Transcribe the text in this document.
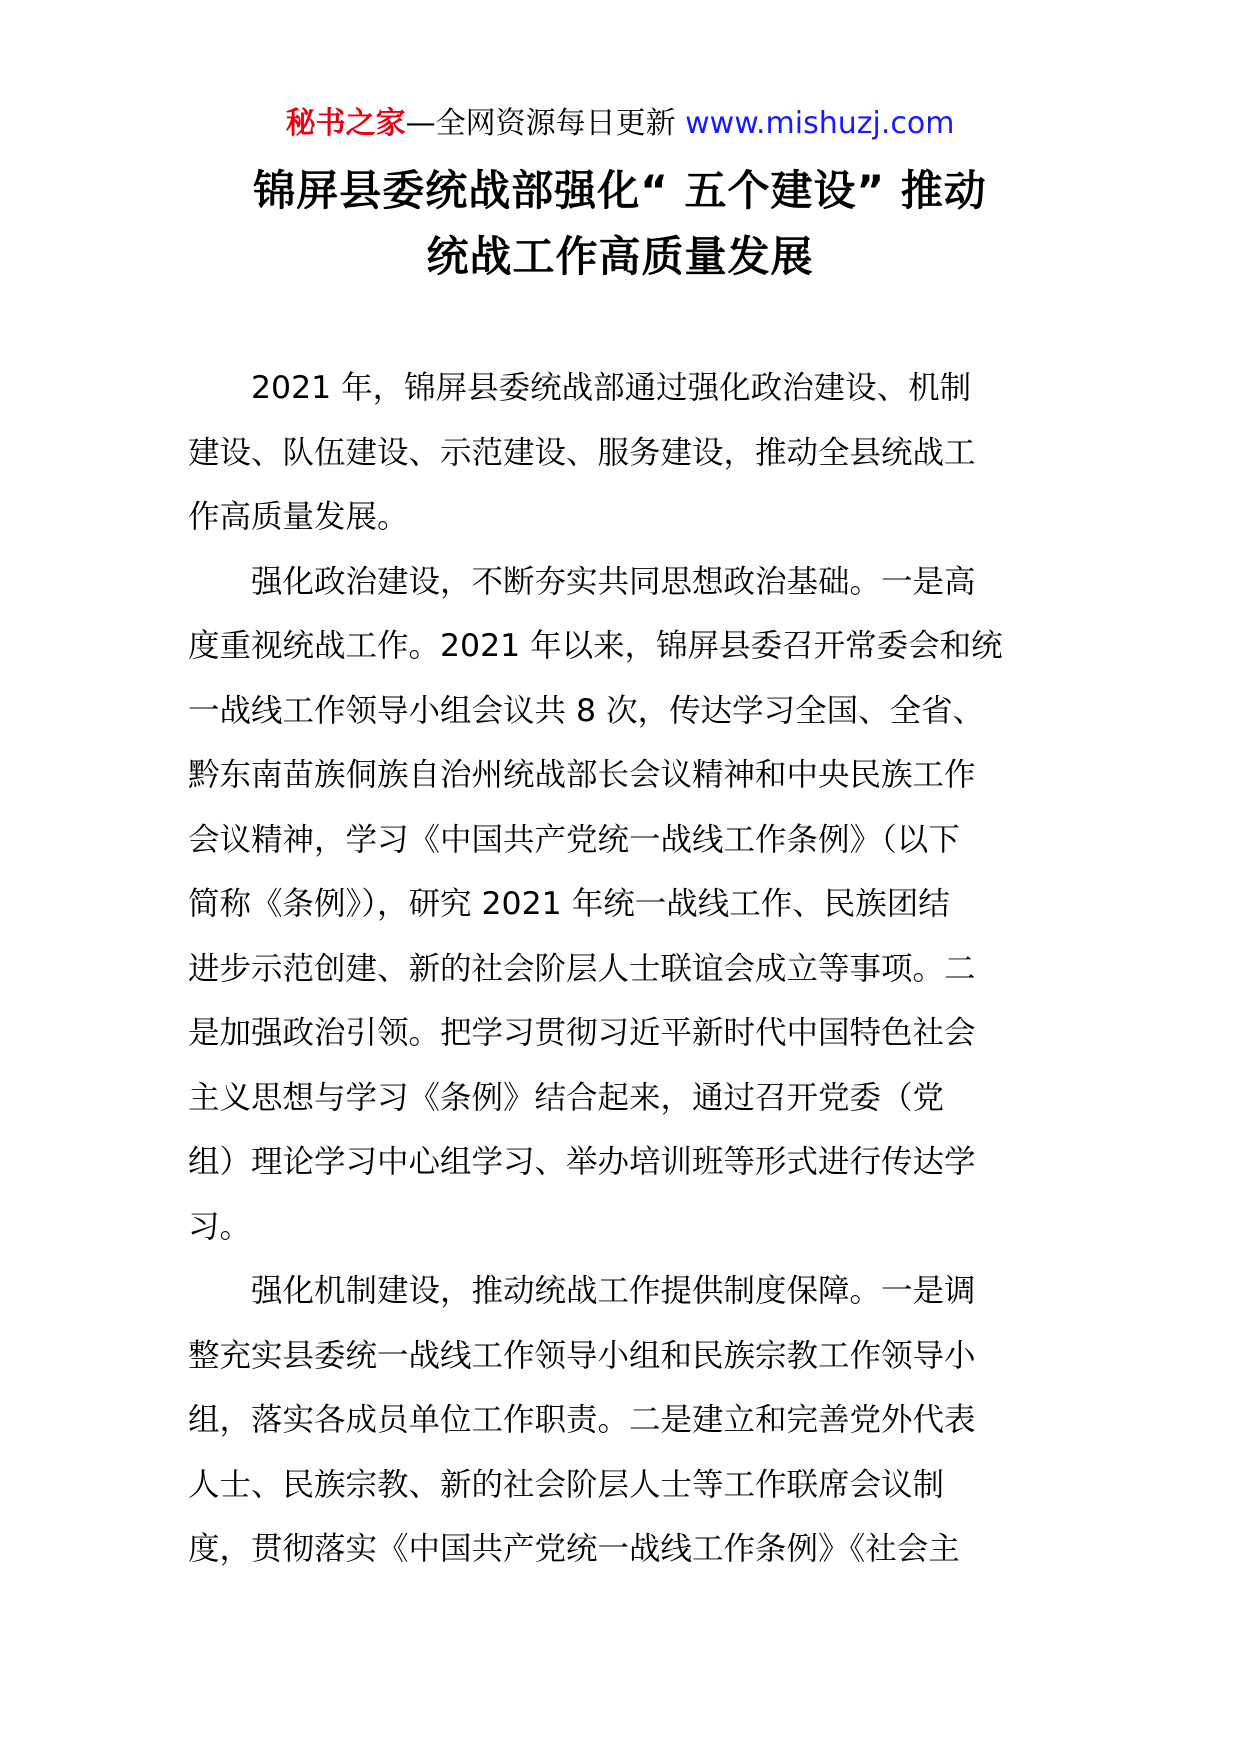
秘书之家—全网资源每日更新 www.mishuzj.com
锦屏县委统战部强化“ 五个建设” 推动
统战工作高质量发展
2021 年，锦屏县委统战部通过强化政治建设、机制
建设、队伍建设、示范建设、服务建设，推动全县统战工
作高质量发展。
强化政治建设，不断夯实共同思想政治基础。一是高
度重视统战工作。2021 年以来，锦屏县委召开常委会和统
一战线工作领导小组会议共 8 次，传达学习全国、全省、
黔东南苗族侗族自治州统战部长会议精神和中央民族工作
会议精神，学习《中国共产党统一战线工作条例》（以下
简称《条例》），研究 2021 年统一战线工作、民族团结
进步示范创建、新的社会阶层人士联谊会成立等事项。二
是加强政治引领。把学习贯彻习近平新时代中国特色社会
主义思想与学习《条例》结合起来，通过召开党委（党
组）理论学习中心组学习、举办培训班等形式进行传达学
习。
强化机制建设，推动统战工作提供制度保障。一是调
整充实县委统一战线工作领导小组和民族宗教工作领导小
组，落实各成员单位工作职责。二是建立和完善党外代表
人士、民族宗教、新的社会阶层人士等工作联席会议制
度，贯彻落实《中国共产党统一战线工作条例》《社会主
